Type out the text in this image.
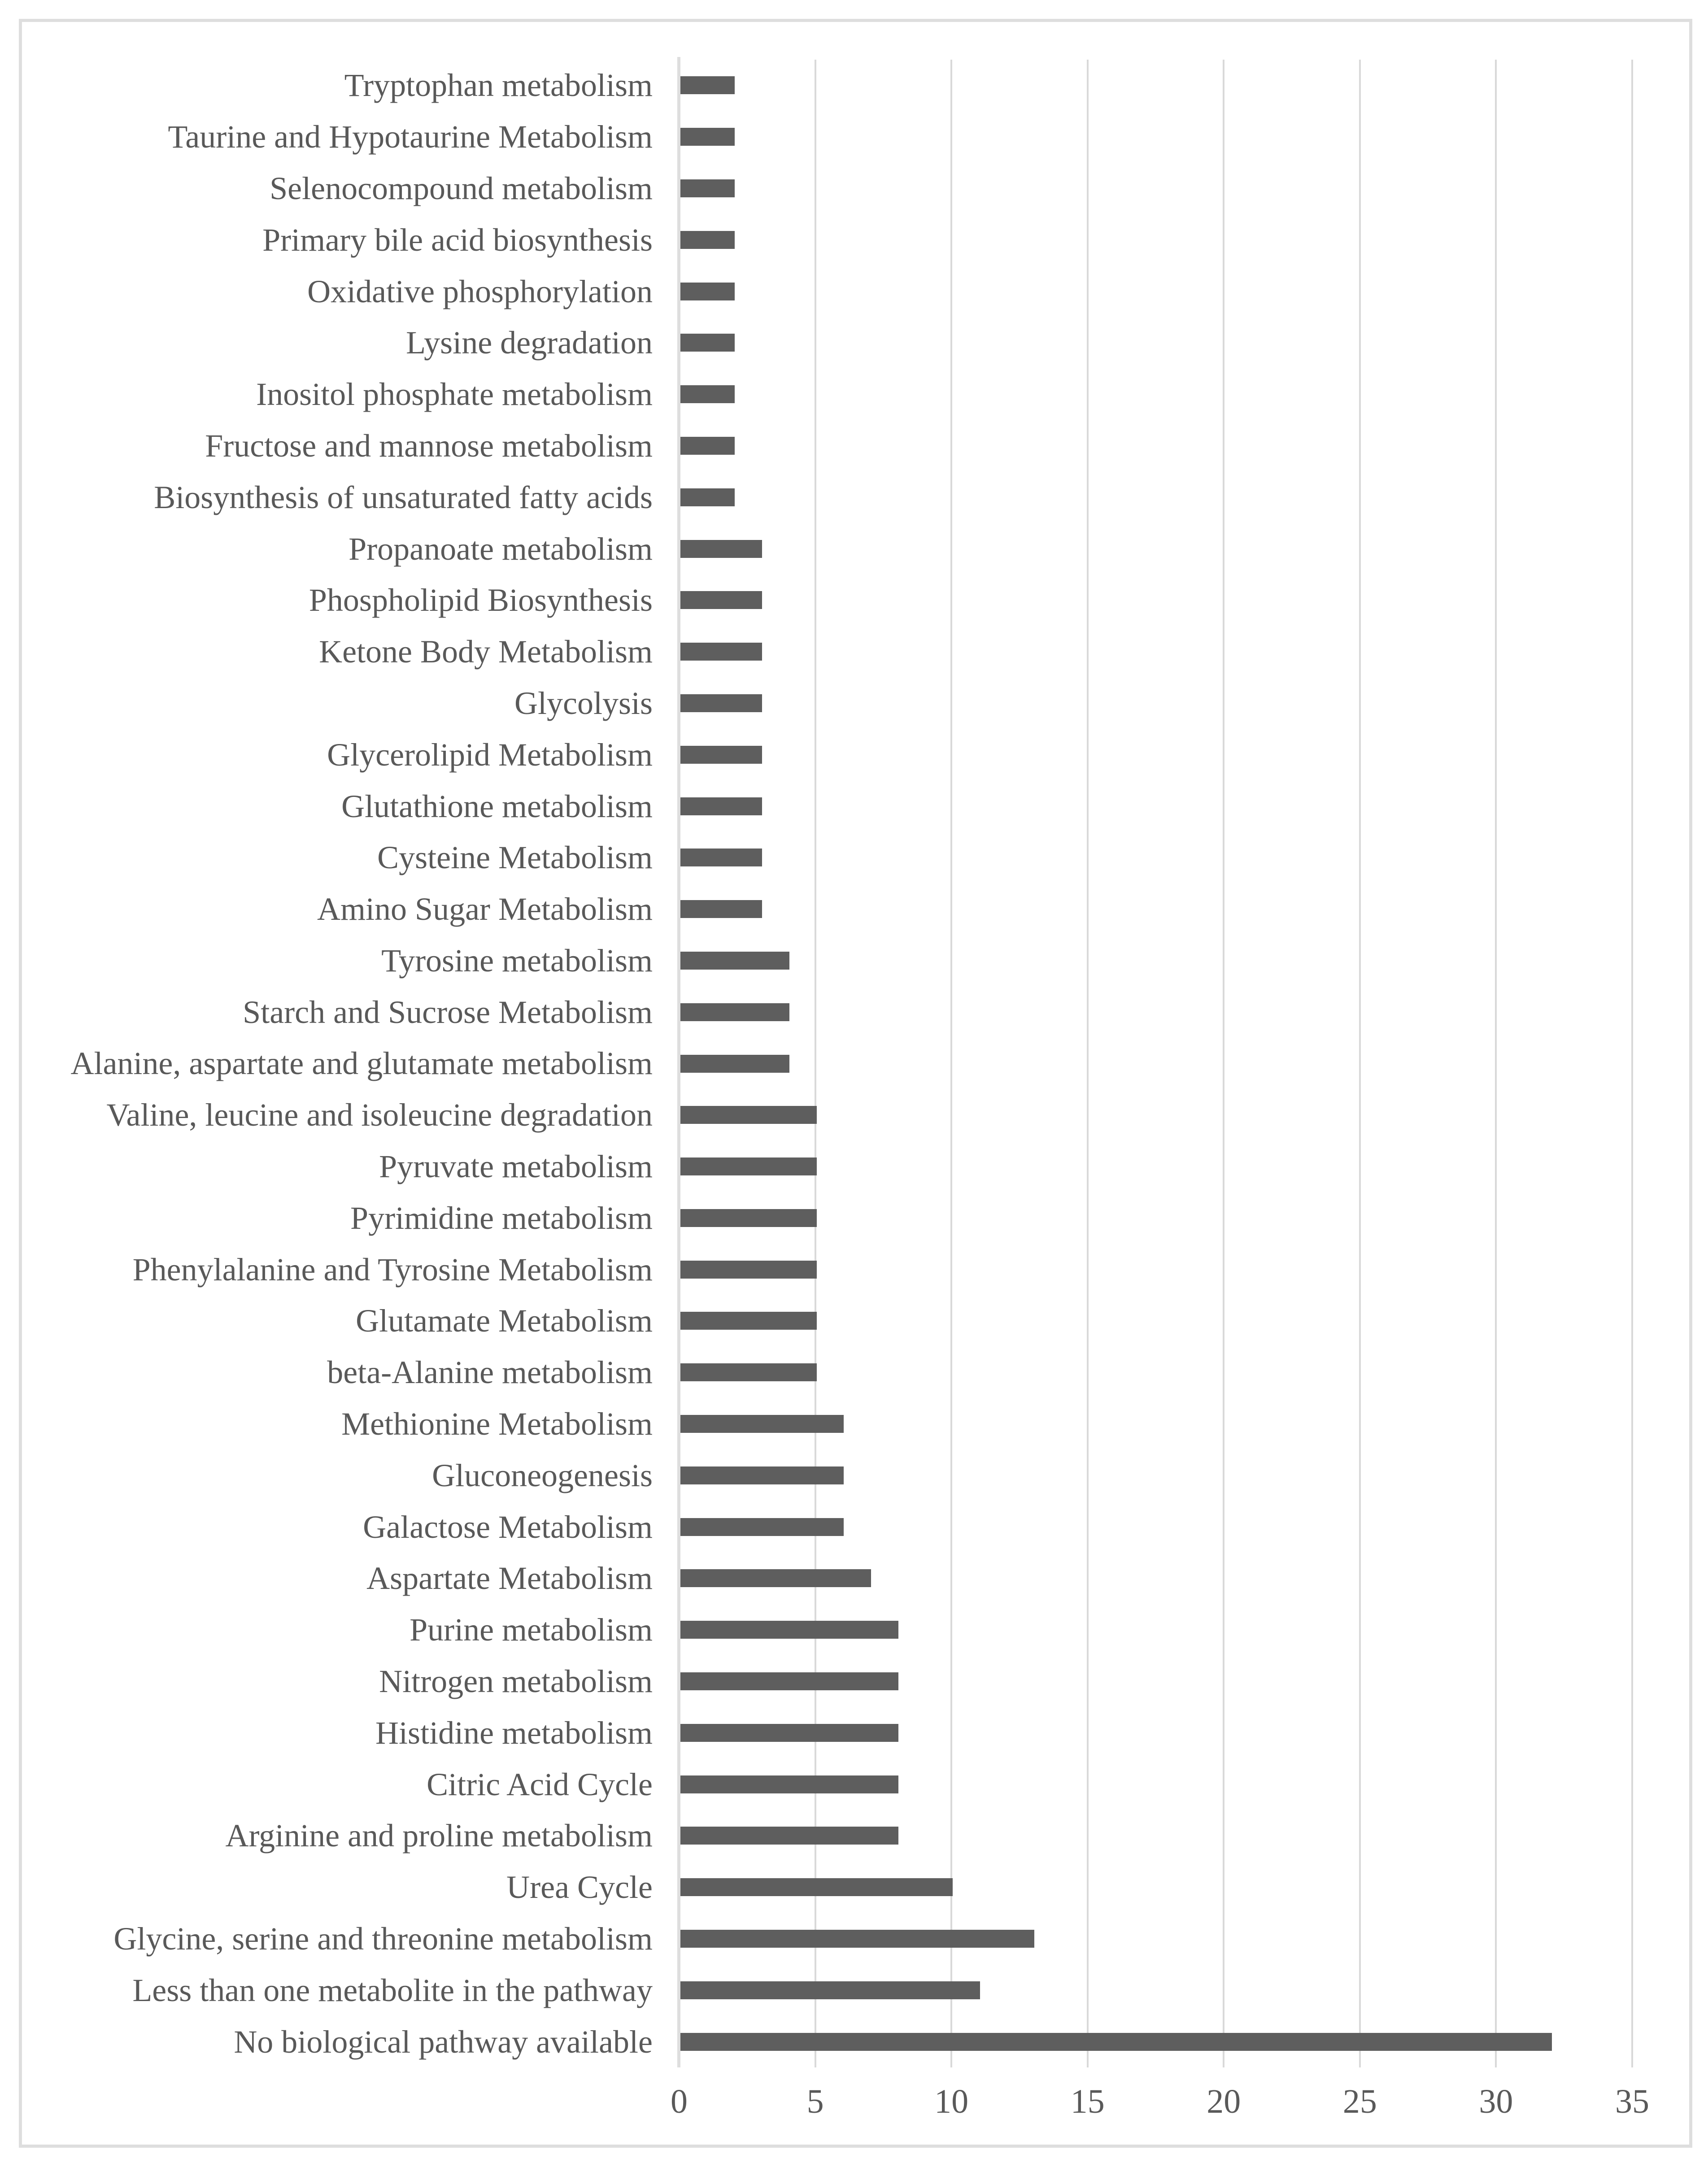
Tryptophan metabolism
Taurine and Hypotaurine Metabolism
Selenocompound metabolism
Primary bile acid biosynthesis
Oxidative phosphorylation
Lysine degradation
Inositol phosphate metabolism
Fructose and mannose metabolism
Biosynthesis of unsaturated fatty acids
Propanoate metabolism
Phospholipid Biosynthesis
Ketone Body Metabolism
Glycolysis
Glycerolipid Metabolism
Glutathione metabolism
Cysteine Metabolism
Amino Sugar Metabolism
Tyrosine metabolism
Starch and Sucrose Metabolism
Alanine, aspartate and glutamate metabolism
Valine, leucine and isoleucine degradation
Pyruvate metabolism
Pyrimidine metabolism
Phenylalanine and Tyrosine Metabolism
Glutamate Metabolism
beta-Alanine metabolism
Methionine Metabolism
Gluconeogenesis
Galactose Metabolism
Aspartate Metabolism
Purine metabolism
Nitrogen metabolism
Histidine metabolism
Citric Acid Cycle
Arginine and proline metabolism
Urea Cycle
Glycine, serine and threonine metabolism
Less than one metabolite in the pathway
No biological pathway available
0	5	10	15	20	25	30	35
